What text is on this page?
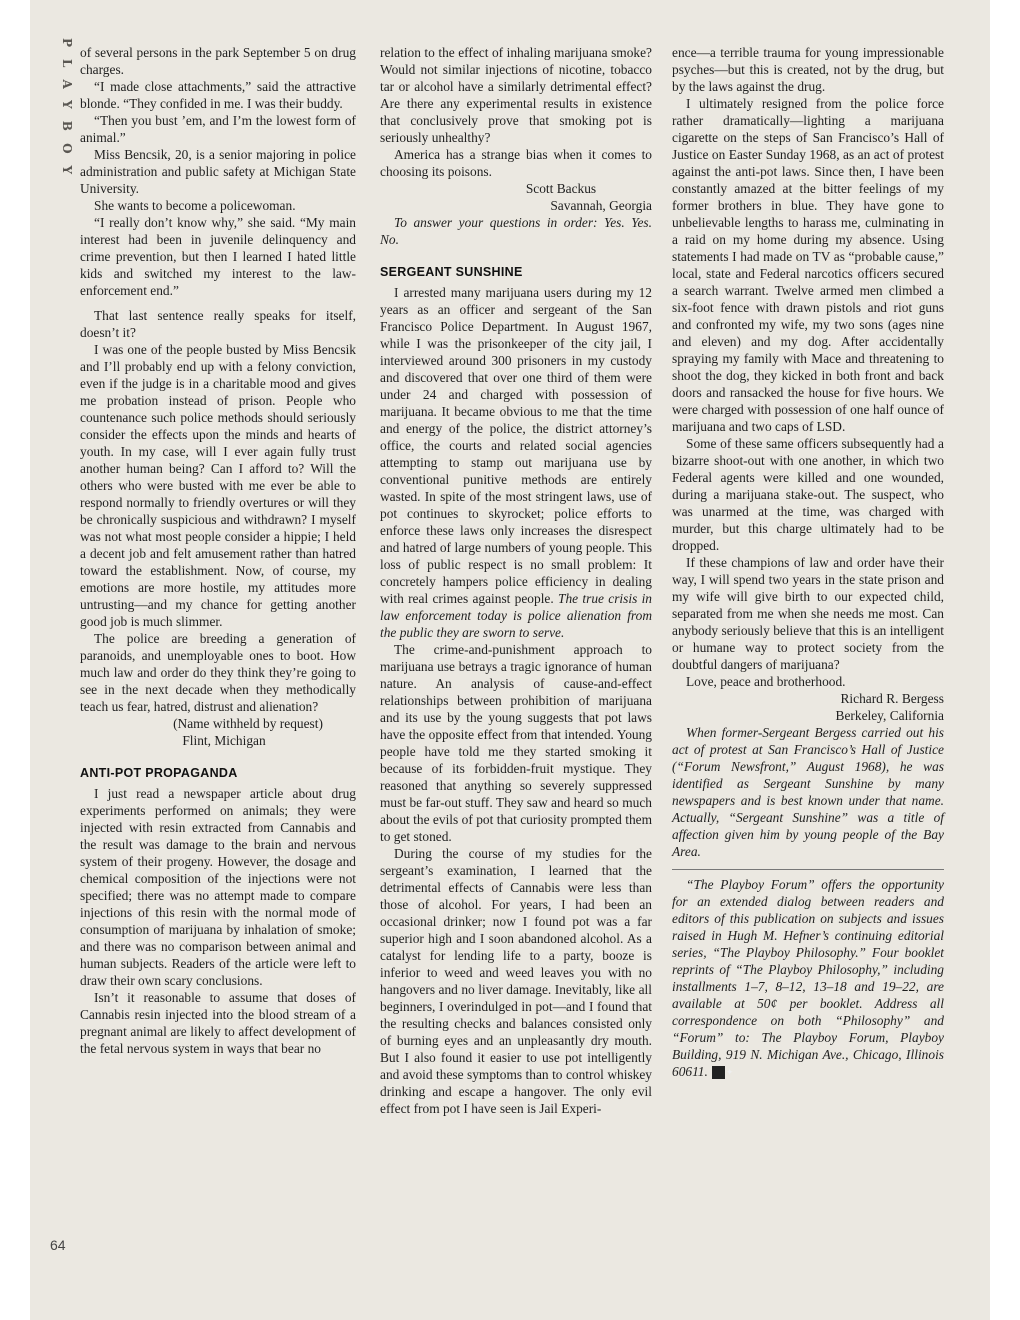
PLAYBOY
64

of several persons in the park September 5 on drug charges.

“I made close attachments,” said the attractive blonde. “They confided in me. I was their buddy.

“Then you bust ’em, and I’m the lowest form of animal.”

Miss Bencsik, 20, is a senior majoring in police administration and public safety at Michigan State University.

She wants to become a policewoman.

“I really don’t know why,” she said. “My main interest had been in juvenile delinquency and crime prevention, but then I learned I hated little kids and switched my interest to the law-enforcement end.”

That last sentence really speaks for itself, doesn’t it?

I was one of the people busted by Miss Bencsik and I’ll probably end up with a felony conviction, even if the judge is in a charitable mood and gives me probation instead of prison. People who countenance such police methods should seriously consider the effects upon the minds and hearts of youth. In my case, will I ever again fully trust another human being? Can I afford to? Will the others who were busted with me ever be able to respond normally to friendly overtures or will they be chronically suspicious and withdrawn? I myself was not what most people consider a hippie; I held a decent job and felt amusement rather than hatred toward the establishment. Now, of course, my emotions are more hostile, my attitudes more untrusting—and my chance for getting another good job is much slimmer.

The police are breeding a generation of paranoids, and unemployable ones to boot. How much law and order do they think they’re going to see in the next decade when they methodically teach us fear, hatred, distrust and alienation?

(Name withheld by request)

Flint, Michigan

ANTI-POT PROPAGANDA

I just read a newspaper article about drug experiments performed on animals; they were injected with resin extracted from Cannabis and the result was damage to the brain and nervous system of their progeny. However, the dosage and chemical composition of the injections were not specified; there was no attempt made to compare injections of this resin with the normal mode of consumption of marijuana by inhalation of smoke; and there was no comparison between animal and human subjects. Readers of the article were left to draw their own scary conclusions.

Isn’t it reasonable to assume that doses of Cannabis resin injected into the blood stream of a pregnant animal are likely to affect development of the fetal nervous system in ways that bear no

relation to the effect of inhaling marijuana smoke? Would not similar injections of nicotine, tobacco tar or alcohol have a similarly detrimental effect? Are there any experimental results in existence that conclusively prove that smoking pot is seriously unhealthy?

America has a strange bias when it comes to choosing its poisons.

Scott Backus

Savannah, Georgia

To answer your questions in order: Yes. Yes. No.

SERGEANT SUNSHINE

I arrested many marijuana users during my 12 years as an officer and sergeant of the San Francisco Police Department. In August 1967, while I was the prisonkeeper of the city jail, I interviewed around 300 prisoners in my custody and discovered that over one third of them were under 24 and charged with possession of marijuana. It became obvious to me that the time and energy of the police, the district attorney’s office, the courts and related social agencies attempting to stamp out marijuana use by conventional punitive methods are entirely wasted. In spite of the most stringent laws, use of pot continues to skyrocket; police efforts to enforce these laws only increases the disrespect and hatred of large numbers of young people. This loss of public respect is no small problem: It concretely hampers police efficiency in dealing with real crimes against people. The true crisis in law enforcement today is police alienation from the public they are sworn to serve.

The crime-and-punishment approach to marijuana use betrays a tragic ignorance of human nature. An analysis of cause-and-effect relationships between prohibition of marijuana and its use by the young suggests that pot laws have the opposite effect from that intended. Young people have told me they started smoking it because of its forbidden-fruit mystique. They reasoned that anything so severely suppressed must be far-out stuff. They saw and heard so much about the evils of pot that curiosity prompted them to get stoned.

During the course of my studies for the sergeant’s examination, I learned that the detrimental effects of Cannabis were less than those of alcohol. For years, I had been an occasional drinker; now I found pot was a far superior high and I soon abandoned alcohol. As a catalyst for lending life to a party, booze is inferior to weed and weed leaves you with no hangovers and no liver damage. Inevitably, like all beginners, I overindulged in pot—and I found that the resulting checks and balances consisted only of burning eyes and an unpleasantly dry mouth. But I also found it easier to use pot intelligently and avoid these symptoms than to control whiskey drinking and escape a hangover. The only evil effect from pot I have seen is Jail Experi-

ence—a terrible trauma for young impressionable psyches—but this is created, not by the drug, but by the laws against the drug.

I ultimately resigned from the police force rather dramatically—lighting a marijuana cigarette on the steps of San Francisco’s Hall of Justice on Easter Sunday 1968, as an act of protest against the anti-pot laws. Since then, I have been constantly amazed at the bitter feelings of my former brothers in blue. They have gone to unbelievable lengths to harass me, culminating in a raid on my home during my absence. Using statements I had made on TV as “probable cause,” local, state and Federal narcotics officers secured a search warrant. Twelve armed men climbed a six-foot fence with drawn pistols and riot guns and confronted my wife, my two sons (ages nine and eleven) and my dog. After accidentally spraying my family with Mace and threatening to shoot the dog, they kicked in both front and back doors and ransacked the house for five hours. We were charged with possession of one half ounce of marijuana and two caps of LSD.

Some of these same officers subsequently had a bizarre shoot-out with one another, in which two Federal agents were killed and one wounded, during a marijuana stake-out. The suspect, who was unarmed at the time, was charged with murder, but this charge ultimately had to be dropped.

If these champions of law and order have their way, I will spend two years in the state prison and my wife will give birth to our expected child, separated from me when she needs me most. Can anybody seriously believe that this is an intelligent or humane way to protect society from the doubtful dangers of marijuana?

Love, peace and brotherhood.

Richard R. Bergess

Berkeley, California

When former-Sergeant Bergess carried out his act of protest at San Francisco’s Hall of Justice (“Forum Newsfront,” August 1968), he was identified as Sergeant Sunshine by many newspapers and is best known under that name. Actually, “Sergeant Sunshine” was a title of affection given him by young people of the Bay Area.

“The Playboy Forum” offers the opportunity for an extended dialog between readers and editors of this publication on subjects and issues raised in Hugh M. Hefner’s continuing editorial series, “The Playboy Philosophy.” Four booklet reprints of “The Playboy Philosophy,” including installments 1–7, 8–12, 13–18 and 19–22, are available at 50¢ per booklet. Address all correspondence on both “Philosophy” and “Forum” to: The Playboy Forum, Playboy Building, 919 N. Michigan Ave., Chicago, Illinois 60611. ✦
